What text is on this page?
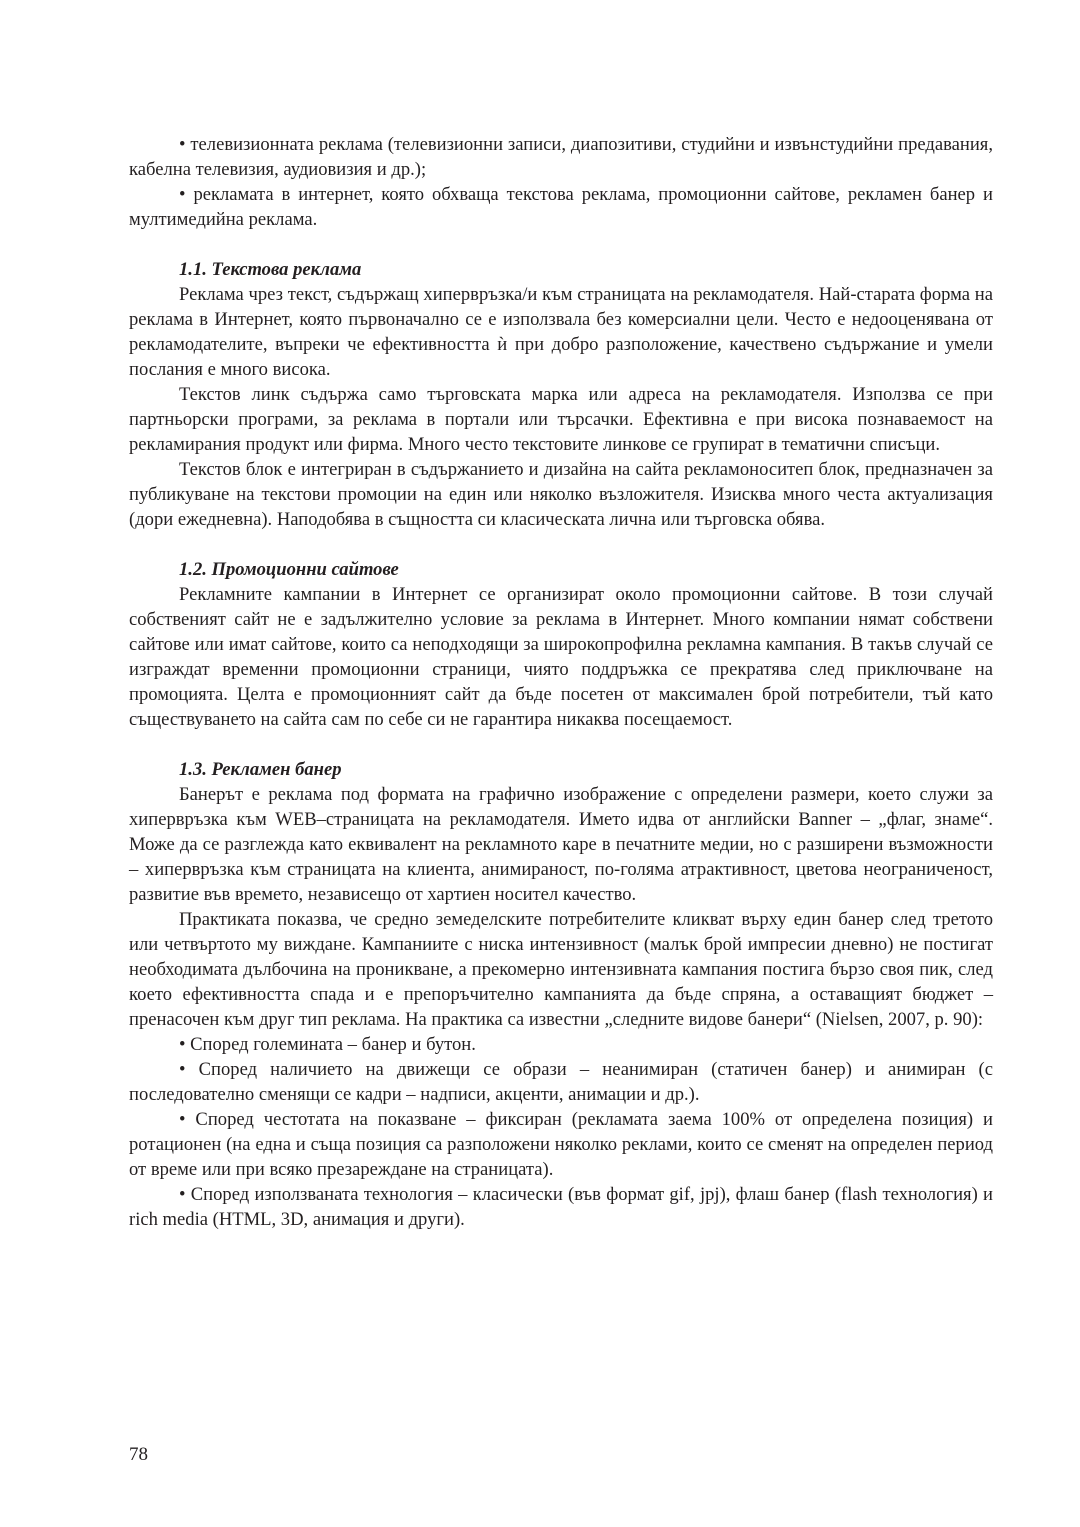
• телевизионната реклама (телевизионни записи, диапозитиви, студийни и извънстудийни предавания, кабелна телевизия, аудиовизия и др.);

• рекламата в интернет, която обхваща текстова реклама, промоционни сайтове, рекламен банер и мултимедийна реклама.

1.1. Текстова реклама

Реклама чрез текст, съдържащ хипервръзка/и към страницата на рекламодателя. Най-старата форма на реклама в Интернет, която първоначално се е използвала без комерсиални цели. Често е недооценявана от рекламодателите, въпреки че ефективността ѝ при добро разположение, качествено съдържание и умели послания е много висока.

Текстов линк съдържа само търговската марка или адреса на рекламодателя. Използва се при партньорски програми, за реклама в портали или търсачки. Ефективна е при висока познаваемост на рекламирания продукт или фирма. Много често текстовите линкове се групират в тематични списъци.

Текстов блок е интегриран в съдържанието и дизайна на сайта рекламоноситеп блок, предназначен за публикуване на текстови промоции на един или няколко възложителя. Изисква много честа актуализация (дори ежедневна). Наподобява в същността си класическата лична или търговска обява.

1.2. Промоционни сайтове

Рекламните кампании в Интернет се организират около промоционни сайтове. В този случай собственият сайт не е задължително условие за реклама в Интернет. Много компании нямат собствени сайтове или имат сайтове, които са неподходящи за широкопрофилна рекламна кампания. В такъв случай се изграждат временни промоционни страници, чиято поддръжка се прекратява след приключване на промоцията. Целта е промоционният сайт да бъде посетен от максимален брой потребители, тъй като съществуването на сайта сам по себе си не гарантира никаква посещаемост.

1.3. Рекламен банер

Банерът е реклама под формата на графично изображение с определени размери, което служи за хипервръзка към WEB–страницата на рекламодателя. Името идва от английски Banner – „флаг, знаме“. Може да се разглежда като еквивалент на рекламното каре в печатните медии, но с разширени възможности – хипервръзка към страницата на клиента, анимираност, по-голяма атрактивност, цветова неограниченост, развитие във времето, независещо от хартиен носител качество.

Практиката показва, че средно земеделските потребителите кликват върху един банер след третото или четвъртото му виждане. Кампаниите с ниска интензивност (малък брой импресии дневно) не постигат необходимата дълбочина на проникване, а прекомерно интензивната кампания постига бързо своя пик, след което ефективността спада и е препоръчително кампанията да бъде спряна, а оставащият бюджет – пренасочен към друг тип реклама. На практика са известни „следните видове банери“ (Nielsen, 2007, p. 90):

• Според големината – банер и бутон.

• Според наличието на движещи се образи – неанимиран (статичен банер) и анимиран (с последователно сменящи се кадри – надписи, акценти, анимации и др.).

• Според честотата на показване – фиксиран (рекламата заема 100% от определена позиция) и ротационен (на една и съща позиция са разположени няколко реклами, които се сменят на определен период от време или при всяко презареждане на страницата).

• Според използваната технология – класически (във формат gif, jpj), флаш банер (flash технология) и rich media (HTML, 3D, анимация и други).

78
